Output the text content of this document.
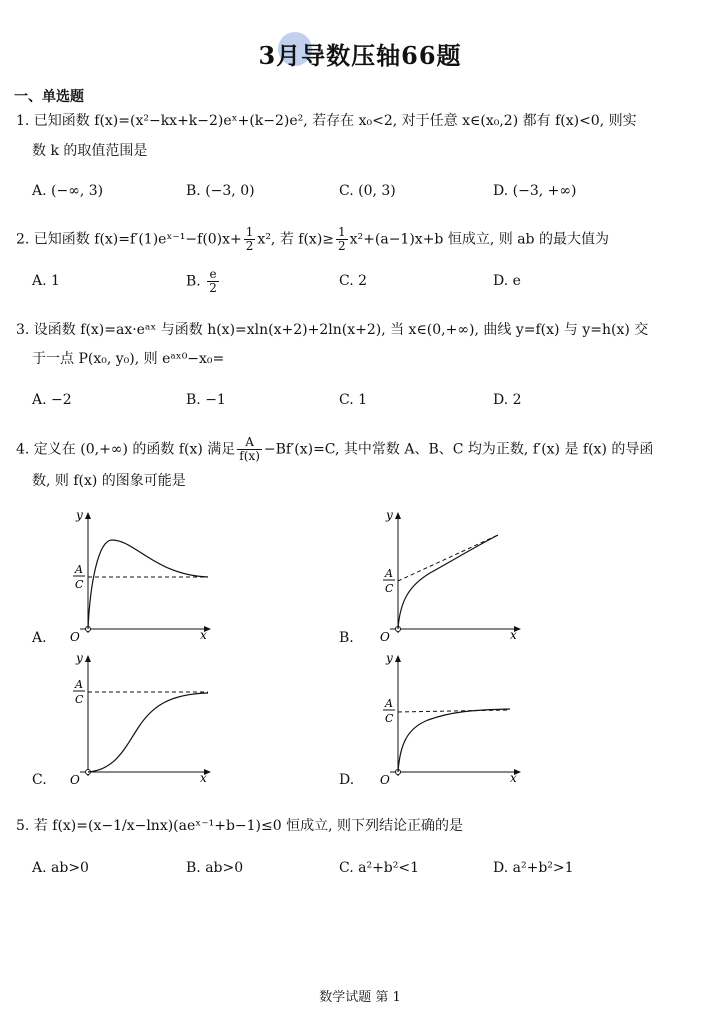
3月导数压轴66题
一、单选题
1. 已知函数 f(x)=(x²−kx+k−2)eˣ+(k−2)e², 若存在 x₀<2, 对于任意 x∈(x₀,2) 都有 f(x)<0, 则实
数 k 的取值范围是
A. (−∞, 3)	B. (−3, 0)	C. (0, 3)	D. (−3, +∞)
2. 已知函数 f(x)=f′(1)eˣ⁻¹−f(0)x+ $\frac{1}{2} x^2$, 若 $f(x)\ge \frac{1}{2} x^2+(a-1)x+b$ 恒成立, 则 ab 的最大值为
A. 1	B. $\frac{e}{2}$	C. 2	D. e
3. 设函数 f(x)=ax·eᵃˣ 与函数 h(x)=xln(x+2)+2ln(x+2), 当 x∈(0,+∞), 曲线 y=f(x) 与 y=h(x) 交
于一点 P(x₀, y₀), 则 eᵃˣ⁰−x₀=
A. −2	B. −1	C. 1	D. 2
4. 定义在 (0,+∞) 的函数 f(x) 满足 $\frac{A}{f(x)} -Bf'(x)=C$, 其中常数 A、B、C 均为正数, f′(x) 是 f(x) 的导函
数, 则 f(x) 的图象可能是
A.
y
x
O
A
C
B.
y
x
O
A
C
C.
y
x
O
A
C
D.
y
x
O
A
C
5. 若 f(x)=(x−1/x−lnx)(aeˣ⁻¹+b−1)≤0 恒成立, 则下列结论正确的是
A. ab>0	B. ab>0	C. a²+b²<1	D. a²+b²>1
数学试题 第 1
